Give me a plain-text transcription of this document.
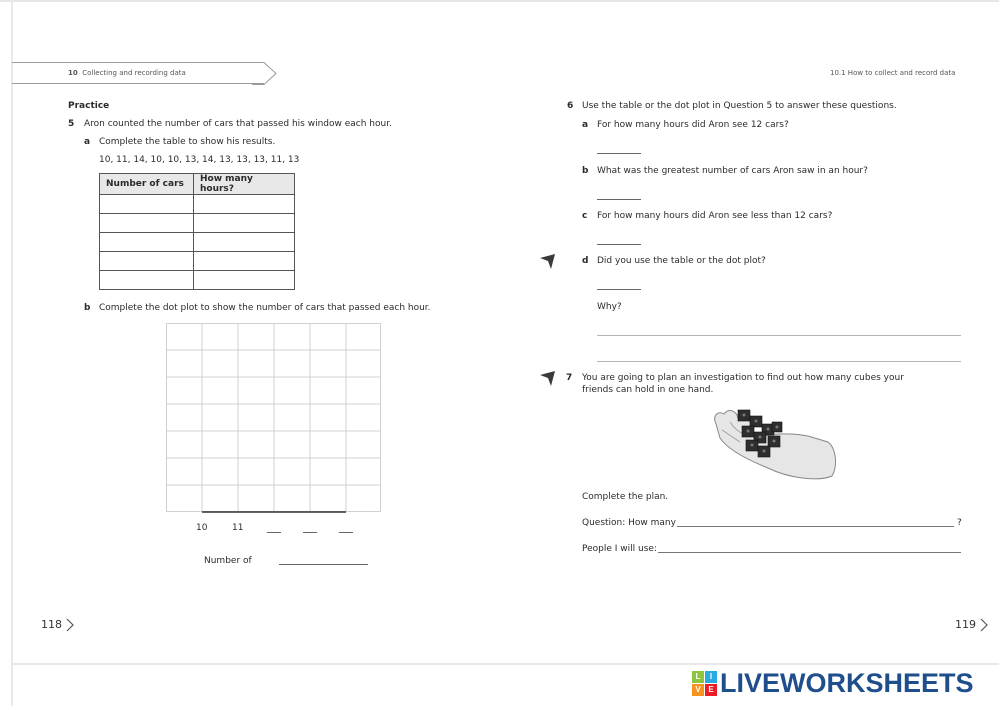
10 Collecting and recording data	10.1 How to collect and record data
Practice
5 Aron counted the number of cars that passed his window each hour.
a Complete the table to show his results.
10, 11, 14, 10, 10, 13, 14, 13, 13, 13, 11, 13
Number of cars	How many hours?

b Complete the dot plot to show the number of cars that passed each hour.
10	11
Number of
118
6 Use the table or the dot plot in Question 5 to answer these questions.
a For how many hours did Aron see 12 cars?
b What was the greatest number of cars Aron saw in an hour?
c For how many hours did Aron see less than 12 cars?
d Did you use the table or the dot plot?
Why?
7 You are going to plan an investigation to find out how many cubes your
friends can hold in one hand.
Complete the plan.
Question: How many	?
People I will use:
119
L	I
V E LIVEWORKSHEETS
